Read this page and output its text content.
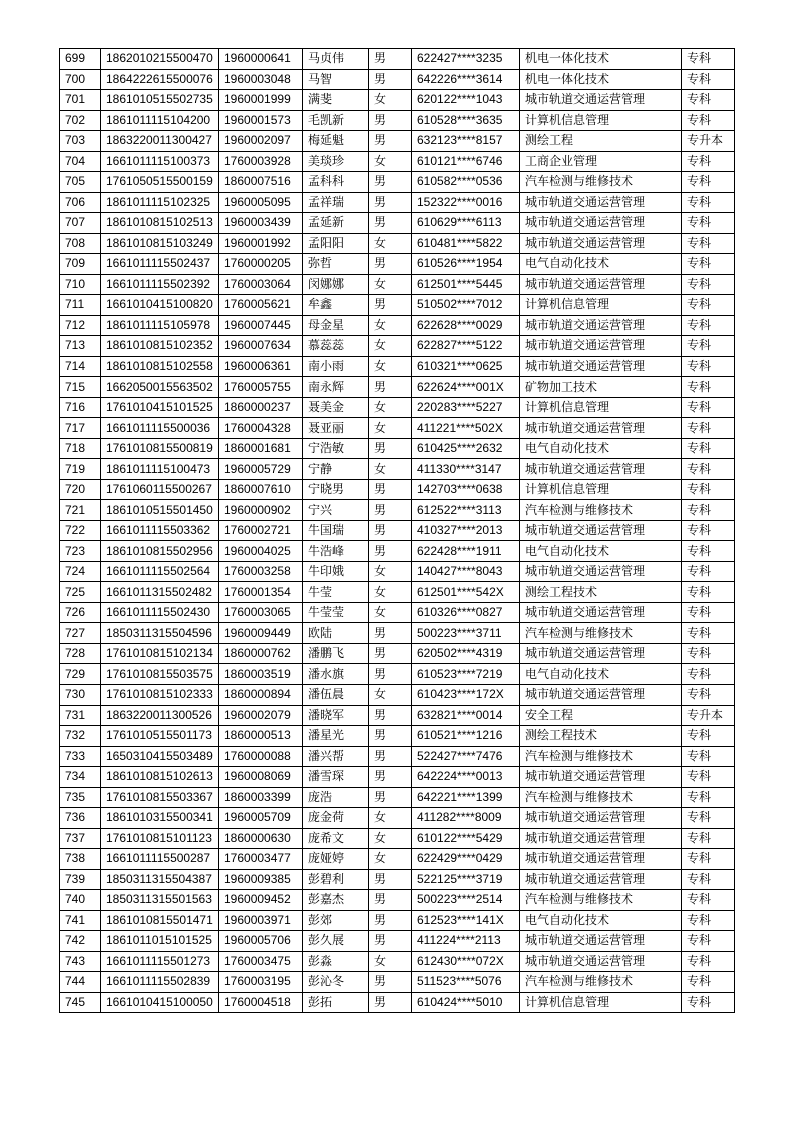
699	1862010215500470	1960000641	马贞伟	男	622427****3235	机电一体化技术	专科
700	1864222615500076	1960003048	马智	男	642226****3614	机电一体化技术	专科
701	1861010515502735	1960001999	满斐	女	620122****1043	城市轨道交通运营管理	专科
702	1861011115104200	1960001573	毛凯新	男	610528****3635	计算机信息管理	专科
703	1863220011300427	1960002097	梅延魁	男	632123****8157	测绘工程	专升本
704	1661011115100373	1760003928	美琰珍	女	610121****6746	工商企业管理	专科
705	1761050515500159	1860007516	孟科科	男	610582****0536	汽车检测与维修技术	专科
706	1861011115102325	1960005095	孟祥瑞	男	152322****0016	城市轨道交通运营管理	专科
707	1861010815102513	1960003439	孟延新	男	610629****6113	城市轨道交通运营管理	专科
708	1861010815103249	1960001992	孟阳阳	女	610481****5822	城市轨道交通运营管理	专科
709	1661011115502437	1760000205	弥哲	男	610526****1954	电气自动化技术	专科
710	1661011115502392	1760003064	闵娜娜	女	612501****5445	城市轨道交通运营管理	专科
711	1661010415100820	1760005621	牟鑫	男	510502****7012	计算机信息管理	专科
712	1861011115105978	1960007445	母金星	女	622628****0029	城市轨道交通运营管理	专科
713	1861010815102352	1960007634	慕蕊蕊	女	622827****5122	城市轨道交通运营管理	专科
714	1861010815102558	1960006361	南小雨	女	610321****0625	城市轨道交通运营管理	专科
715	1662050015563502	1760005755	南永辉	男	622624****001X	矿物加工技术	专科
716	1761010415101525	1860000237	聂美金	女	220283****5227	计算机信息管理	专科
717	1661011115500036	1760004328	聂亚丽	女	411221****502X	城市轨道交通运营管理	专科
718	1761010815500819	1860001681	宁浩敏	男	610425****2632	电气自动化技术	专科
719	1861011115100473	1960005729	宁静	女	411330****3147	城市轨道交通运营管理	专科
720	1761060115500267	1860007610	宁晓男	男	142703****0638	计算机信息管理	专科
721	1861010515501450	1960000902	宁兴	男	612522****3113	汽车检测与维修技术	专科
722	1661011115503362	1760002721	牛国瑞	男	410327****2013	城市轨道交通运营管理	专科
723	1861010815502956	1960004025	牛浩峰	男	622428****1911	电气自动化技术	专科
724	1661011115502564	1760003258	牛印娥	女	140427****8043	城市轨道交通运营管理	专科
725	1661011315502482	1760001354	牛莹	女	612501****542X	测绘工程技术	专科
726	1661011115502430	1760003065	牛莹莹	女	610326****0827	城市轨道交通运营管理	专科
727	1850311315504596	1960009449	欧陆	男	500223****3711	汽车检测与维修技术	专科
728	1761010815102134	1860000762	潘鹏飞	男	620502****4319	城市轨道交通运营管理	专科
729	1761010815503575	1860003519	潘水旗	男	610523****7219	电气自动化技术	专科
730	1761010815102333	1860000894	潘伍晨	女	610423****172X	城市轨道交通运营管理	专科
731	1863220011300526	1960002079	潘晓军	男	632821****0014	安全工程	专升本
732	1761010515501173	1860000513	潘星光	男	610521****1216	测绘工程技术	专科
733	1650310415503489	1760000088	潘兴帮	男	522427****7476	汽车检测与维修技术	专科
734	1861010815102613	1960008069	潘雪琛	男	642224****0013	城市轨道交通运营管理	专科
735	1761010815503367	1860003399	庞浩	男	642221****1399	汽车检测与维修技术	专科
736	1861010315500341	1960005709	庞金荷	女	411282****8009	城市轨道交通运营管理	专科
737	1761010815101123	1860000630	庞希文	女	610122****5429	城市轨道交通运营管理	专科
738	1661011115500287	1760003477	庞娅婷	女	622429****0429	城市轨道交通运营管理	专科
739	1850311315504387	1960009385	彭碧利	男	522125****3719	城市轨道交通运营管理	专科
740	1850311315501563	1960009452	彭嘉杰	男	500223****2514	汽车检测与维修技术	专科
741	1861010815501471	1960003971	彭郊	男	612523****141X	电气自动化技术	专科
742	1861011015101525	1960005706	彭久展	男	411224****2113	城市轨道交通运营管理	专科
743	1661011115501273	1760003475	彭淼	女	612430****072X	城市轨道交通运营管理	专科
744	1661011115502839	1760003195	彭沁冬	男	511523****5076	汽车检测与维修技术	专科
745	1661010415100050	1760004518	彭拓	男	610424****5010	计算机信息管理	专科
